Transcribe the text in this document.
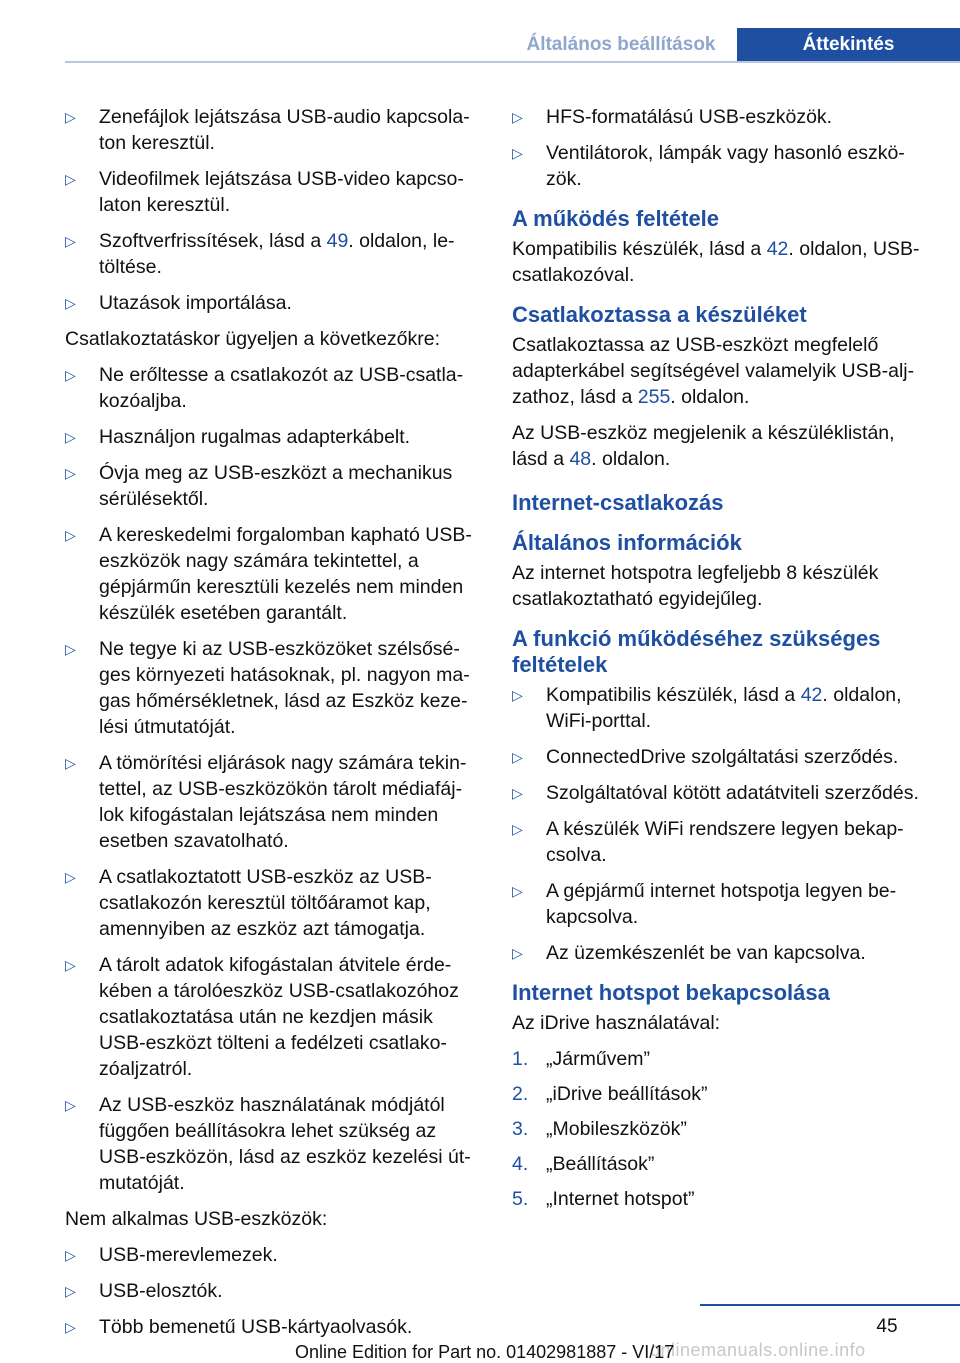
Általános beállítások	Áttekintés
▷	Zenefájlok lejátszása USB-audio kapcsola‐ton keresztül.
▷	Videofilmek lejátszása USB-video kapcso‐laton keresztül.
▷	Szoftverfrissítések, lásd a 49. oldalon, le‐töltése.
▷	Utazások importálása.
Csatlakoztatáskor ügyeljen a következőkre:
▷	Ne erőltesse a csatlakozót az USB-csatla‐kozóaljba.
▷	Használjon rugalmas adapterkábelt.
▷	Óvja meg az USB-eszközt a mechanikus sérülésektől.
▷	A kereskedelmi forgalomban kapható USB-eszközök nagy számára tekintettel, a gépjárműn keresztüli kezelés nem minden készülék esetében garantált.
▷	Ne tegye ki az USB-eszközöket szélsősé‐ges környezeti hatásoknak, pl. nagyon ma‐gas hőmérsékletnek, lásd az Eszköz keze‐lési útmutatóját.
▷	A tömörítési eljárások nagy számára tekin‐tettel, az USB-eszközökön tárolt médiafáj‐lok kifogástalan lejátszása nem minden esetben szavatolható.
▷	A csatlakoztatott USB-eszköz az USB-csatlakozón keresztül töltőáramot kap, amennyiben az eszköz azt támogatja.
▷	A tárolt adatok kifogástalan átvitele érde‐kében a tárolóeszköz USB-csatlakozóhoz csatlakoztatása után ne kezdjen másik USB-eszközt tölteni a fedélzeti csatlako‐zóaljzatról.
▷	Az USB-eszköz használatának módjától függően beállításokra lehet szükség az USB-eszközön, lásd az eszköz kezelési út‐mutatóját.
Nem alkalmas USB-eszközök:
▷	USB-merevlemezek.
▷	USB-elosztók.
▷	Több bemenetű USB-kártyaolvasók.
▷	HFS-formatálású USB-eszközök.
▷	Ventilátorok, lámpák vagy hasonló eszkö‐zök.
A működés feltétele
Kompatibilis készülék, lásd a 42. oldalon, USB-csatlakozóval.
Csatlakoztassa a készüléket
Csatlakoztassa az USB-eszközt megfelelő adapterkábel segítségével valamelyik USB-alj‐zathoz, lásd a 255. oldalon.
Az USB-eszköz megjelenik a készüléklistán, lásd a 48. oldalon.
Internet-csatlakozás
Általános információk
Az internet hotspotra legfeljebb 8 készülék csatlakoztatható egyidejűleg.
A funkció működéséhez szükséges feltételek
▷	Kompatibilis készülék, lásd a 42. oldalon, WiFi-porttal.
▷	ConnectedDrive szolgáltatási szerződés.
▷	Szolgáltatóval kötött adatátviteli szerződés.
▷	A készülék WiFi rendszere legyen bekap‐csolva.
▷	A gépjármű internet hotspotja legyen be‐kapcsolva.
▷	Az üzemkészenlét be van kapcsolva.
Internet hotspot bekapcsolása
Az iDrive használatával:
1. „Járművem”
2. „iDrive beállítások”
3. „Mobileszközök”
4. „Beállítások”
5. „Internet hotspot”
45
onlinemanuals.online.info
Online Edition for Part no. 01402981887 - VI/17
